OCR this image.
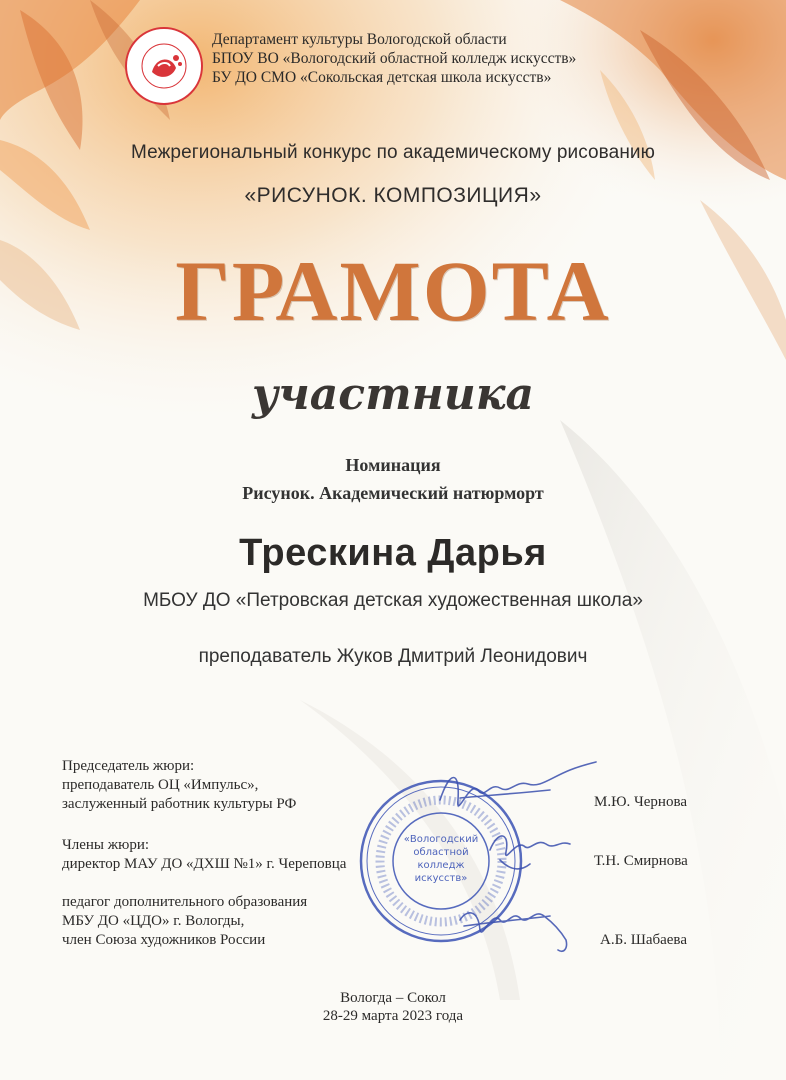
Департамент культуры Вологодской области
БПОУ ВО «Вологодский областной колледж искусств»
БУ ДО СМО «Сокольская детская школа искусств»
Межрегиональный конкурс по академическому рисованию
«РИСУНОК. КОМПОЗИЦИЯ»
ГРАМОТА
участника
Номинация
Рисунок. Академический натюрморт
Трескина Дарья
МБОУ ДО «Петровская детская художественная школа»
преподаватель Жуков Дмитрий Леонидович
«Вологодский
областной
колледж
искусств»
Председатель жюри:
преподаватель ОЦ «Импульс»,
заслуженный работник культуры РФ	М.Ю. Чернова
Члены жюри:
директор МАУ ДО «ДХШ №1» г. Череповца	Т.Н. Смирнова
педагог дополнительного образования
МБУ ДО «ЦДО» г. Вологды,
член Союза художников России	А.Б. Шабаева
Вологда – Сокол
28-29 марта 2023 года
